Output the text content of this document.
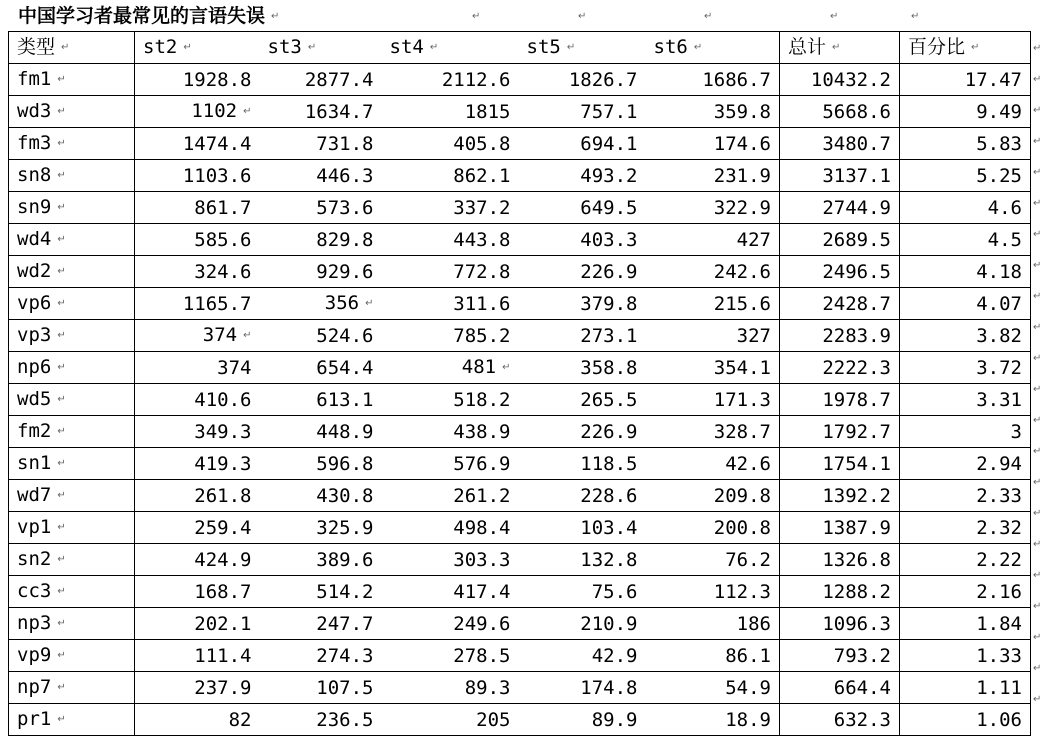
中国学习者最常见的言语失误 ↵	↵	↵	↵	↵	↵
类型 ↵	st2 ↵	st3 ↵	st4 ↵	st5 ↵	st6 ↵	总计 ↵	百分比 ↵
fm1 ↵	1928.8	2877.4	2112.6	1826.7	1686.7	10432.2	17.47
wd3 ↵	1102 ↵	1634.7	1815	757.1	359.8	5668.6	9.49
fm3 ↵	1474.4	731.8	405.8	694.1	174.6	3480.7	5.83
sn8 ↵	1103.6	446.3	862.1	493.2	231.9	3137.1	5.25
sn9 ↵	861.7	573.6	337.2	649.5	322.9	2744.9	4.6
wd4 ↵	585.6	829.8	443.8	403.3	427	2689.5	4.5
wd2 ↵	324.6	929.6	772.8	226.9	242.6	2496.5	4.18
vp6 ↵	1165.7	356 ↵	311.6	379.8	215.6	2428.7	4.07
vp3 ↵	374 ↵	524.6	785.2	273.1	327	2283.9	3.82
np6 ↵	374	654.4	481 ↵	358.8	354.1	2222.3	3.72
wd5 ↵	410.6	613.1	518.2	265.5	171.3	1978.7	3.31
fm2 ↵	349.3	448.9	438.9	226.9	328.7	1792.7	3
sn1 ↵	419.3	596.8	576.9	118.5	42.6	1754.1	2.94
wd7 ↵	261.8	430.8	261.2	228.6	209.8	1392.2	2.33
vp1 ↵	259.4	325.9	498.4	103.4	200.8	1387.9	2.32
sn2 ↵	424.9	389.6	303.3	132.8	76.2	1326.8	2.22
cc3 ↵	168.7	514.2	417.4	75.6	112.3	1288.2	2.16
np3 ↵	202.1	247.7	249.6	210.9	186	1096.3	1.84
vp9 ↵	111.4	274.3	278.5	42.9	86.1	793.2	1.33
np7 ↵	237.9	107.5	89.3	174.8	54.9	664.4	1.11
pr1 ↵	82	236.5	205	89.9	18.9	632.3	1.06
↵
↵
↵
↵
↵
↵
↵
↵
↵
↵
↵
↵
↵
↵
↵
↵
↵
↵
↵
↵
↵
↵
